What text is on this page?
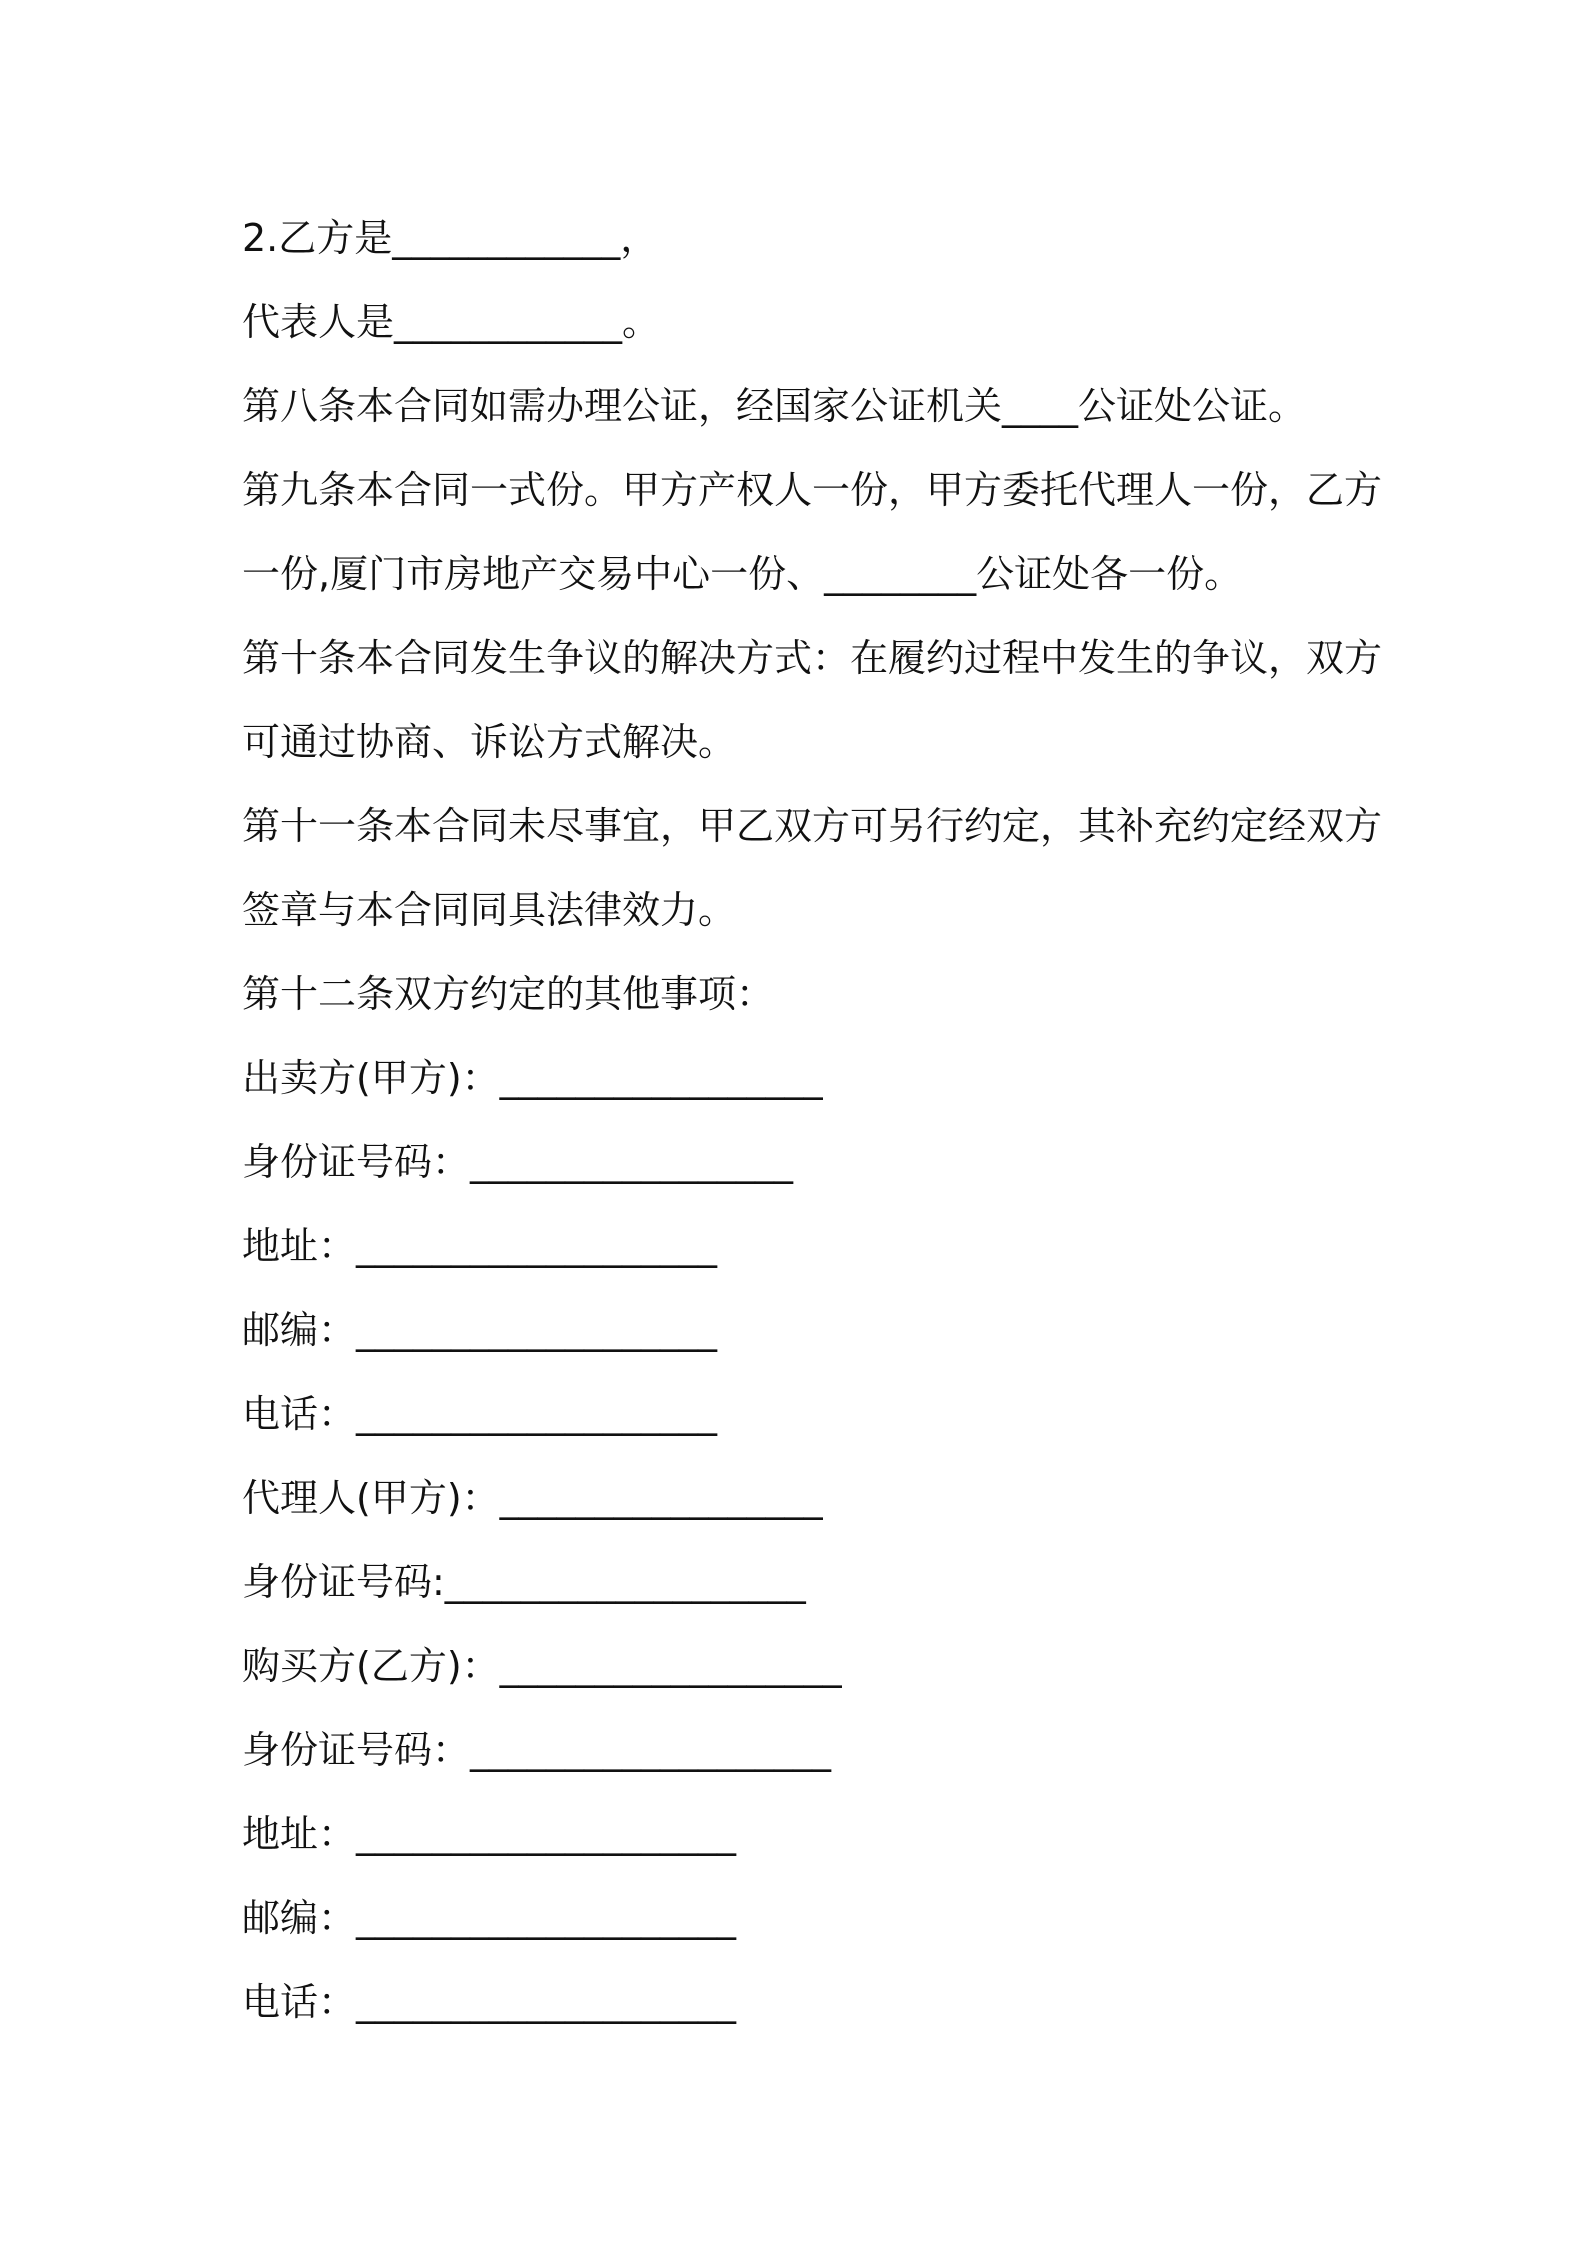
2.乙方是____________，
代表人是____________。
第八条本合同如需办理公证，经国家公证机关____公证处公证。
第九条本合同一式份。甲方产权人一份，甲方委托代理人一份，乙方
一份,厦门市房地产交易中心一份、________公证处各一份。
第十条本合同发生争议的解决方式：在履约过程中发生的争议，双方
可通过协商、诉讼方式解决。
第十一条本合同未尽事宜，甲乙双方可另行约定，其补充约定经双方
签章与本合同同具法律效力。
第十二条双方约定的其他事项：
出卖方(甲方)：_________________
身份证号码：_________________
地址：___________________
邮编：___________________
电话：___________________
代理人(甲方)：_________________
身份证号码:___________________
购买方(乙方)：__________________
身份证号码：___________________
地址：____________________
邮编：____________________
电话：____________________
